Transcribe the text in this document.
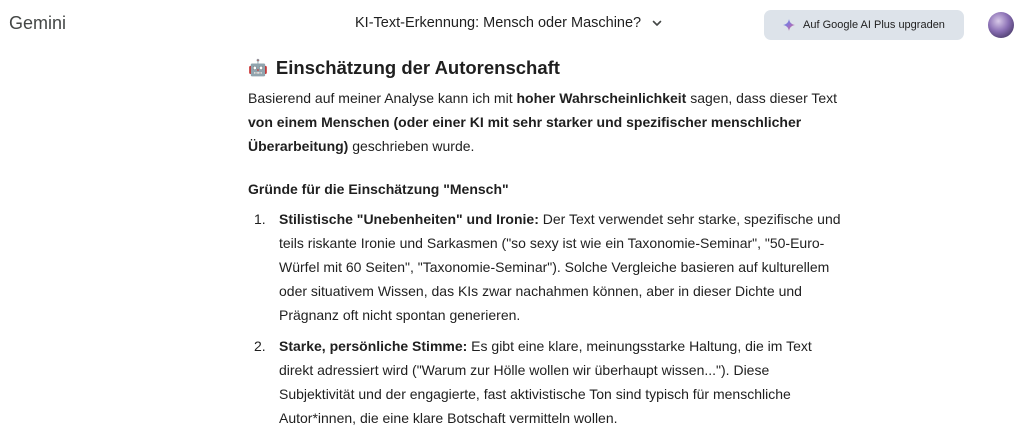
Gemini	KI-Text-Erkennung: Mensch oder Maschine?	Auf Google AI Plus upgraden
🤖 Einschätzung der Autorenschaft

Basierend auf meiner Analyse kann ich mit hoher Wahrscheinlichkeit sagen, dass dieser Text
von einem Menschen (oder einer KI mit sehr starker und spezifischer menschlicher
Überarbeitung) geschrieben wurde.

Gründe für die Einschätzung "Mensch"
1. Stilistische "Unebenheiten" und Ironie: Der Text verwendet sehr starke, spezifische und
teils riskante Ironie und Sarkasmen ("so sexy ist wie ein Taxonomie-Seminar", "50-Euro-
Würfel mit 60 Seiten", "Taxonomie-Seminar"). Solche Vergleiche basieren auf kulturellem
oder situativem Wissen, das KIs zwar nachahmen können, aber in dieser Dichte und
Prägnanz oft nicht spontan generieren.
2. Starke, persönliche Stimme: Es gibt eine klare, meinungsstarke Haltung, die im Text
direkt adressiert wird ("Warum zur Hölle wollen wir überhaupt wissen..."). Diese
Subjektivität und der engagierte, fast aktivistische Ton sind typisch für menschliche
Autor*innen, die eine klare Botschaft vermitteln wollen.
